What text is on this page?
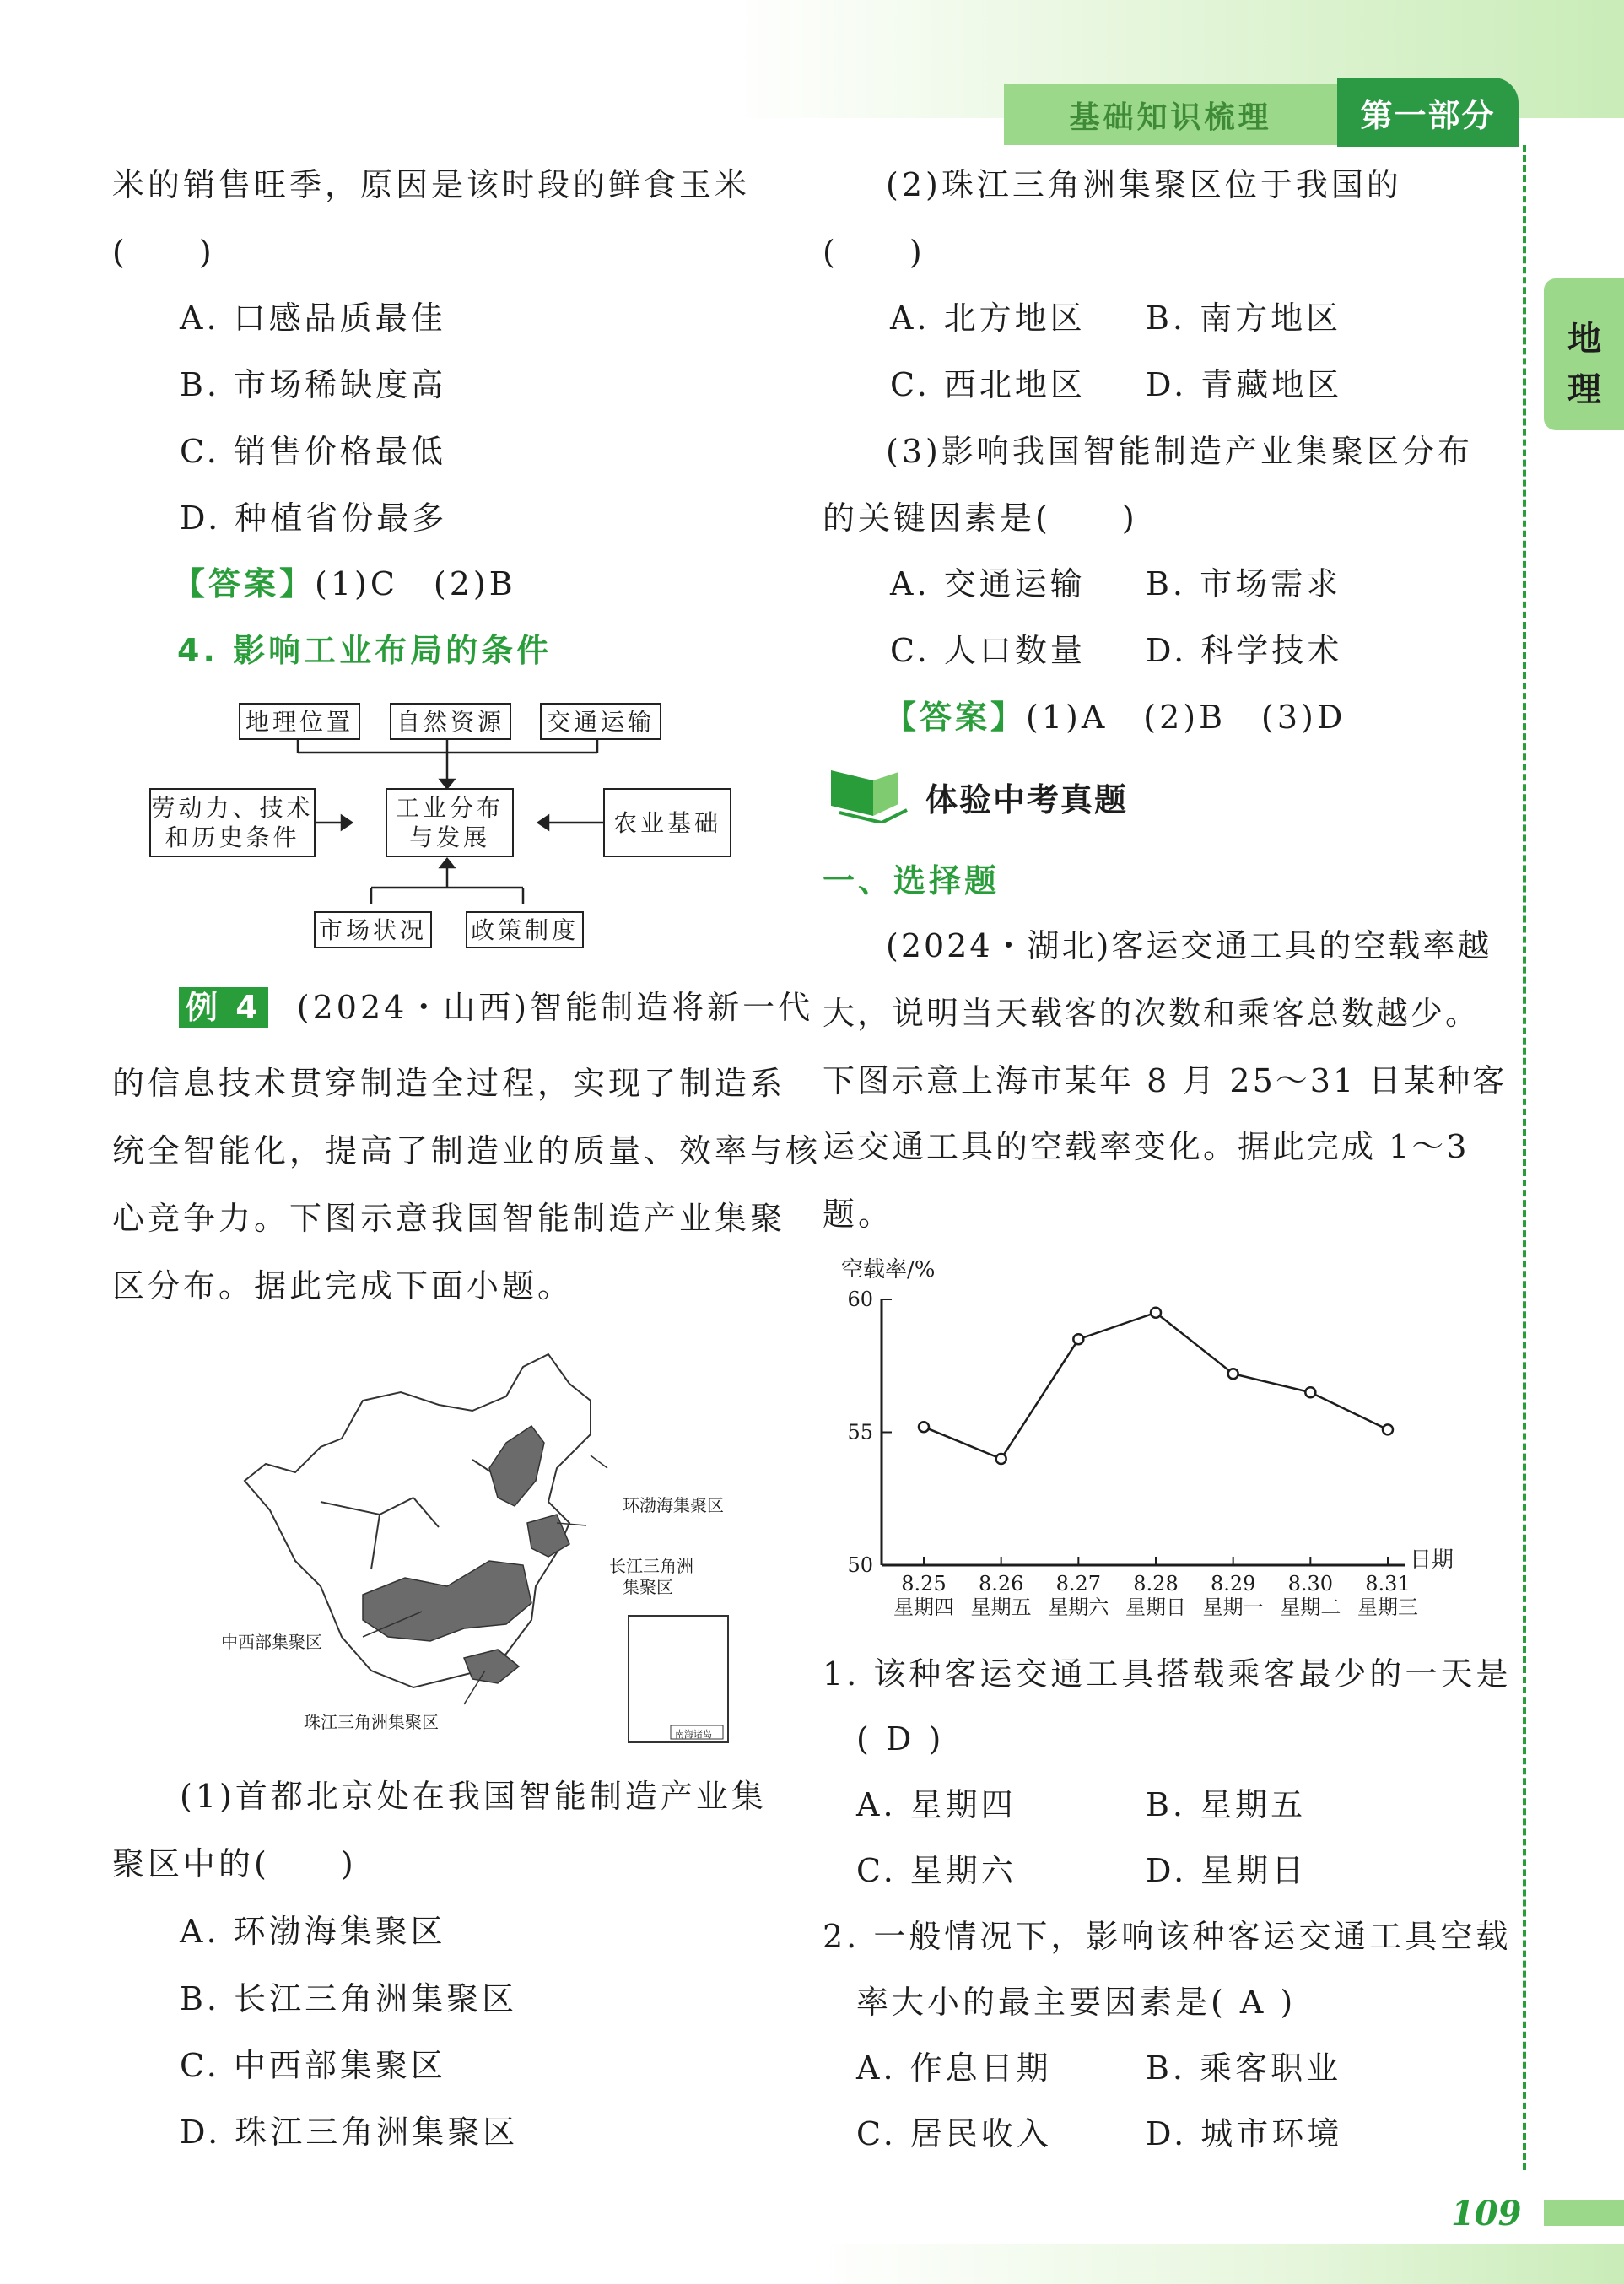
基础知识梳理	第一部分
地
理
米的销售旺季，原因是该时段的鲜食玉米
(　　)
A. 口感品质最佳
B. 市场稀缺度高
C. 销售价格最低
D. 种植省份最多
【答案】(1)C　(2)B
4. 影响工业布局的条件
地理位置 自然资源 交通运输
劳动力、技术
和历史条件
工业分布
与发展
农业基础
市场状况 政策制度
例 4 (2024・山西)智能制造将新一代
的信息技术贯穿制造全过程，实现了制造系
统全智能化，提高了制造业的质量、效率与核
心竞争力。下图示意我国智能制造产业集聚
区分布。据此完成下面小题。
环渤海集聚区
长江三角洲
集聚区
中西部集聚区
珠江三角洲集聚区
南海诸岛
(1)首都北京处在我国智能制造产业集
聚区中的(　　)
A. 环渤海集聚区
B. 长江三角洲集聚区
C. 中西部集聚区
D. 珠江三角洲集聚区
(2)珠江三角洲集聚区位于我国的
(　　)
A. 北方地区 B. 南方地区
C. 西北地区 D. 青藏地区
(3)影响我国智能制造产业集聚区分布
的关键因素是(　　)
A. 交通运输 B. 市场需求
C. 人口数量 D. 科学技术
【答案】(1)A　(2)B　(3)D
体验中考真题
一、选择题
(2024・湖北)客运交通工具的空载率越
大，说明当天载客的次数和乘客总数越少。
下图示意上海市某年 8 月 25～31 日某种客
运交通工具的空载率变化。据此完成 1～3
题。
空载率/%
日期
60
55
50
8.25
星期四
8.26
星期五
8.27
星期六
8.28
星期日
8.29
星期一
8.30
星期二
8.31
星期三
1. 该种客运交通工具搭载乘客最少的一天是
( D )
A. 星期四	B. 星期五
C. 星期六	D. 星期日
2. 一般情况下，影响该种客运交通工具空载
率大小的最主要因素是( A )
A. 作息日期	B. 乘客职业
C. 居民收入	D. 城市环境
109
